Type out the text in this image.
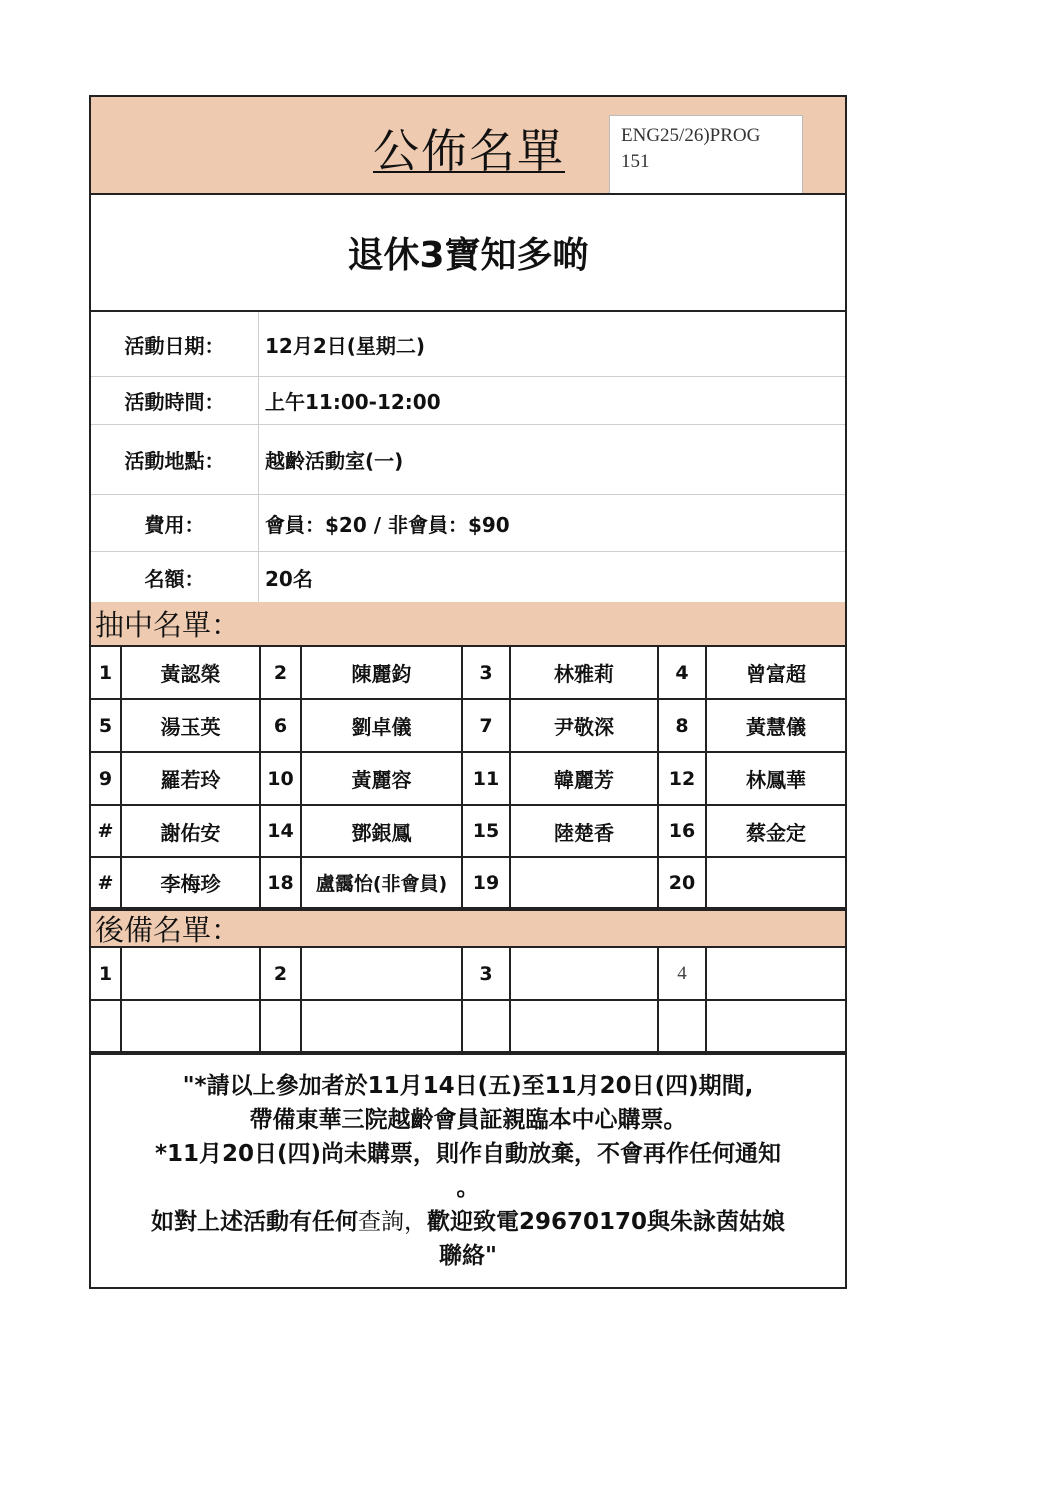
公佈名單	ENG25/26)PROG
151
退休3寶知多啲
活動日期：	12月2日(星期二)
活動時間：	上午11:00-12:00
活動地點：	越齡活動室(一)
費用：	會員：$20 / 非會員：$90
名額：	20名
抽中名單：
1	黃認榮	2	陳麗鈞	3	林雅莉	4	曾富超
5	湯玉英	6	劉卓儀	7	尹敬深	8	黃慧儀
9	羅若玲	10	黃麗容	11	韓麗芳	12	林鳳華
#	謝佑安	14	鄧銀鳳	15	陸楚香	16	蔡金定
#	李梅珍	18	盧靄怡(非會員)	19		20	
後備名單：
1		2		3		4	

"*請以上參加者於11月14日(五)至11月20日(四)期間,
帶備東華三院越齡會員証親臨本中心購票。
*11月20日(四)尚未購票，則作自動放棄，不會再作任何通知
。
如對上述活動有任何查詢，歡迎致電29670170與朱詠茵姑娘
聯絡"
